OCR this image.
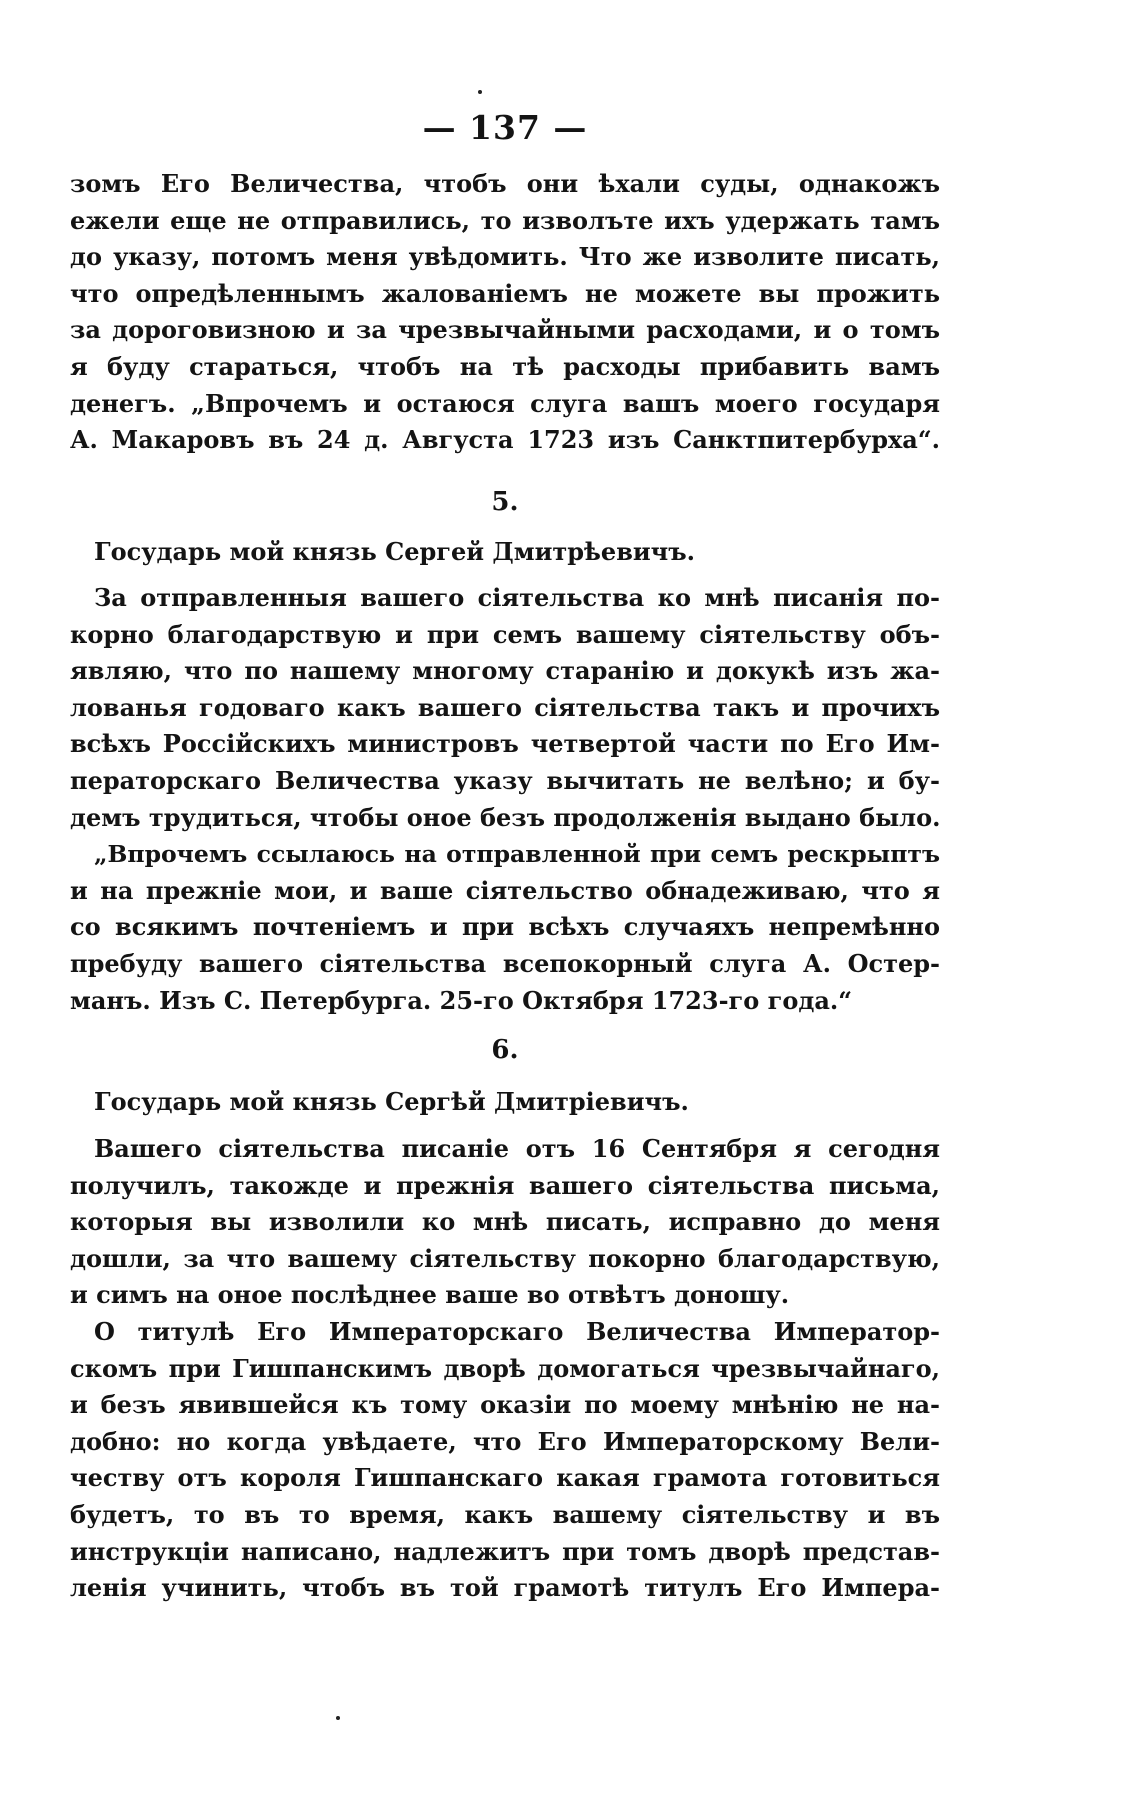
— 137 —
зомъ Его Величества, чтобъ они ѣхали суды, однакожъ
ежели еще не отправились, то изволъте ихъ удержать тамъ
до указу, потомъ меня увѣдомить. Что же изволите писать,
что опредѣленнымъ жалованіемъ не можете вы прожить
за дороговизною и за чрезвычайными расходами, и о томъ
я буду стараться, чтобъ на тѣ расходы прибавить вамъ
денегъ. „Впрочемъ и остаюся слуга вашъ моего государя
А. Макаровъ въ 24 д. Августа 1723 изъ Санктпитербурха“.
5.
Государь мой князь Сергей Дмитрѣевичъ.
За отправленныя вашего сіятельства ко мнѣ писанія по-
корно благодарствую и при семъ вашему сіятельству объ-
являю, что по нашему многому старанію и докукѣ изъ жа-
лованья годоваго какъ вашего сіятельства такъ и прочихъ
всѣхъ Россійскихъ министровъ четвертой части по Его Им-
ператорскаго Величества указу вычитать не велѣно; и бу-
демъ трудиться, чтобы оное безъ продолженія выдано было.
„Впрочемъ ссылаюсь на отправленной при семъ рескрыптъ
и на прежніе мои, и ваше сіятельство обнадеживаю, что я
со всякимъ почтеніемъ и при всѣхъ случаяхъ непремѣнно
пребуду вашего сіятельства всепокорный слуга А. Остер-
манъ. Изъ С. Петербурга. 25-го Октября 1723-го года.“
6.
Государь мой князь Сергѣй Дмитріевичъ.
Вашего сіятельства писаніе отъ 16 Сентября я сегодня
получилъ, такожде и прежнія вашего сіятельства письма,
которыя вы изволили ко мнѣ писать, исправно до меня
дошли, за что вашему сіятельству покорно благодарствую,
и симъ на оное послѣднее ваше во отвѣтъ доношу.
О титулѣ Его Императорскаго Величества Император-
скомъ при Гишпанскимъ дворѣ домогаться чрезвычайнаго,
и безъ явившейся къ тому оказіи по моему мнѣнію не на-
добно: но когда увѣдаете, что Его Императорскому Вели-
честву отъ короля Гишпанскаго какая грамота готовиться
будетъ, то въ то время, какъ вашему сіятельству и въ
инструкціи написано, надлежитъ при томъ дворѣ представ-
ленія учинить, чтобъ въ той грамотѣ титулъ Его Импера-
